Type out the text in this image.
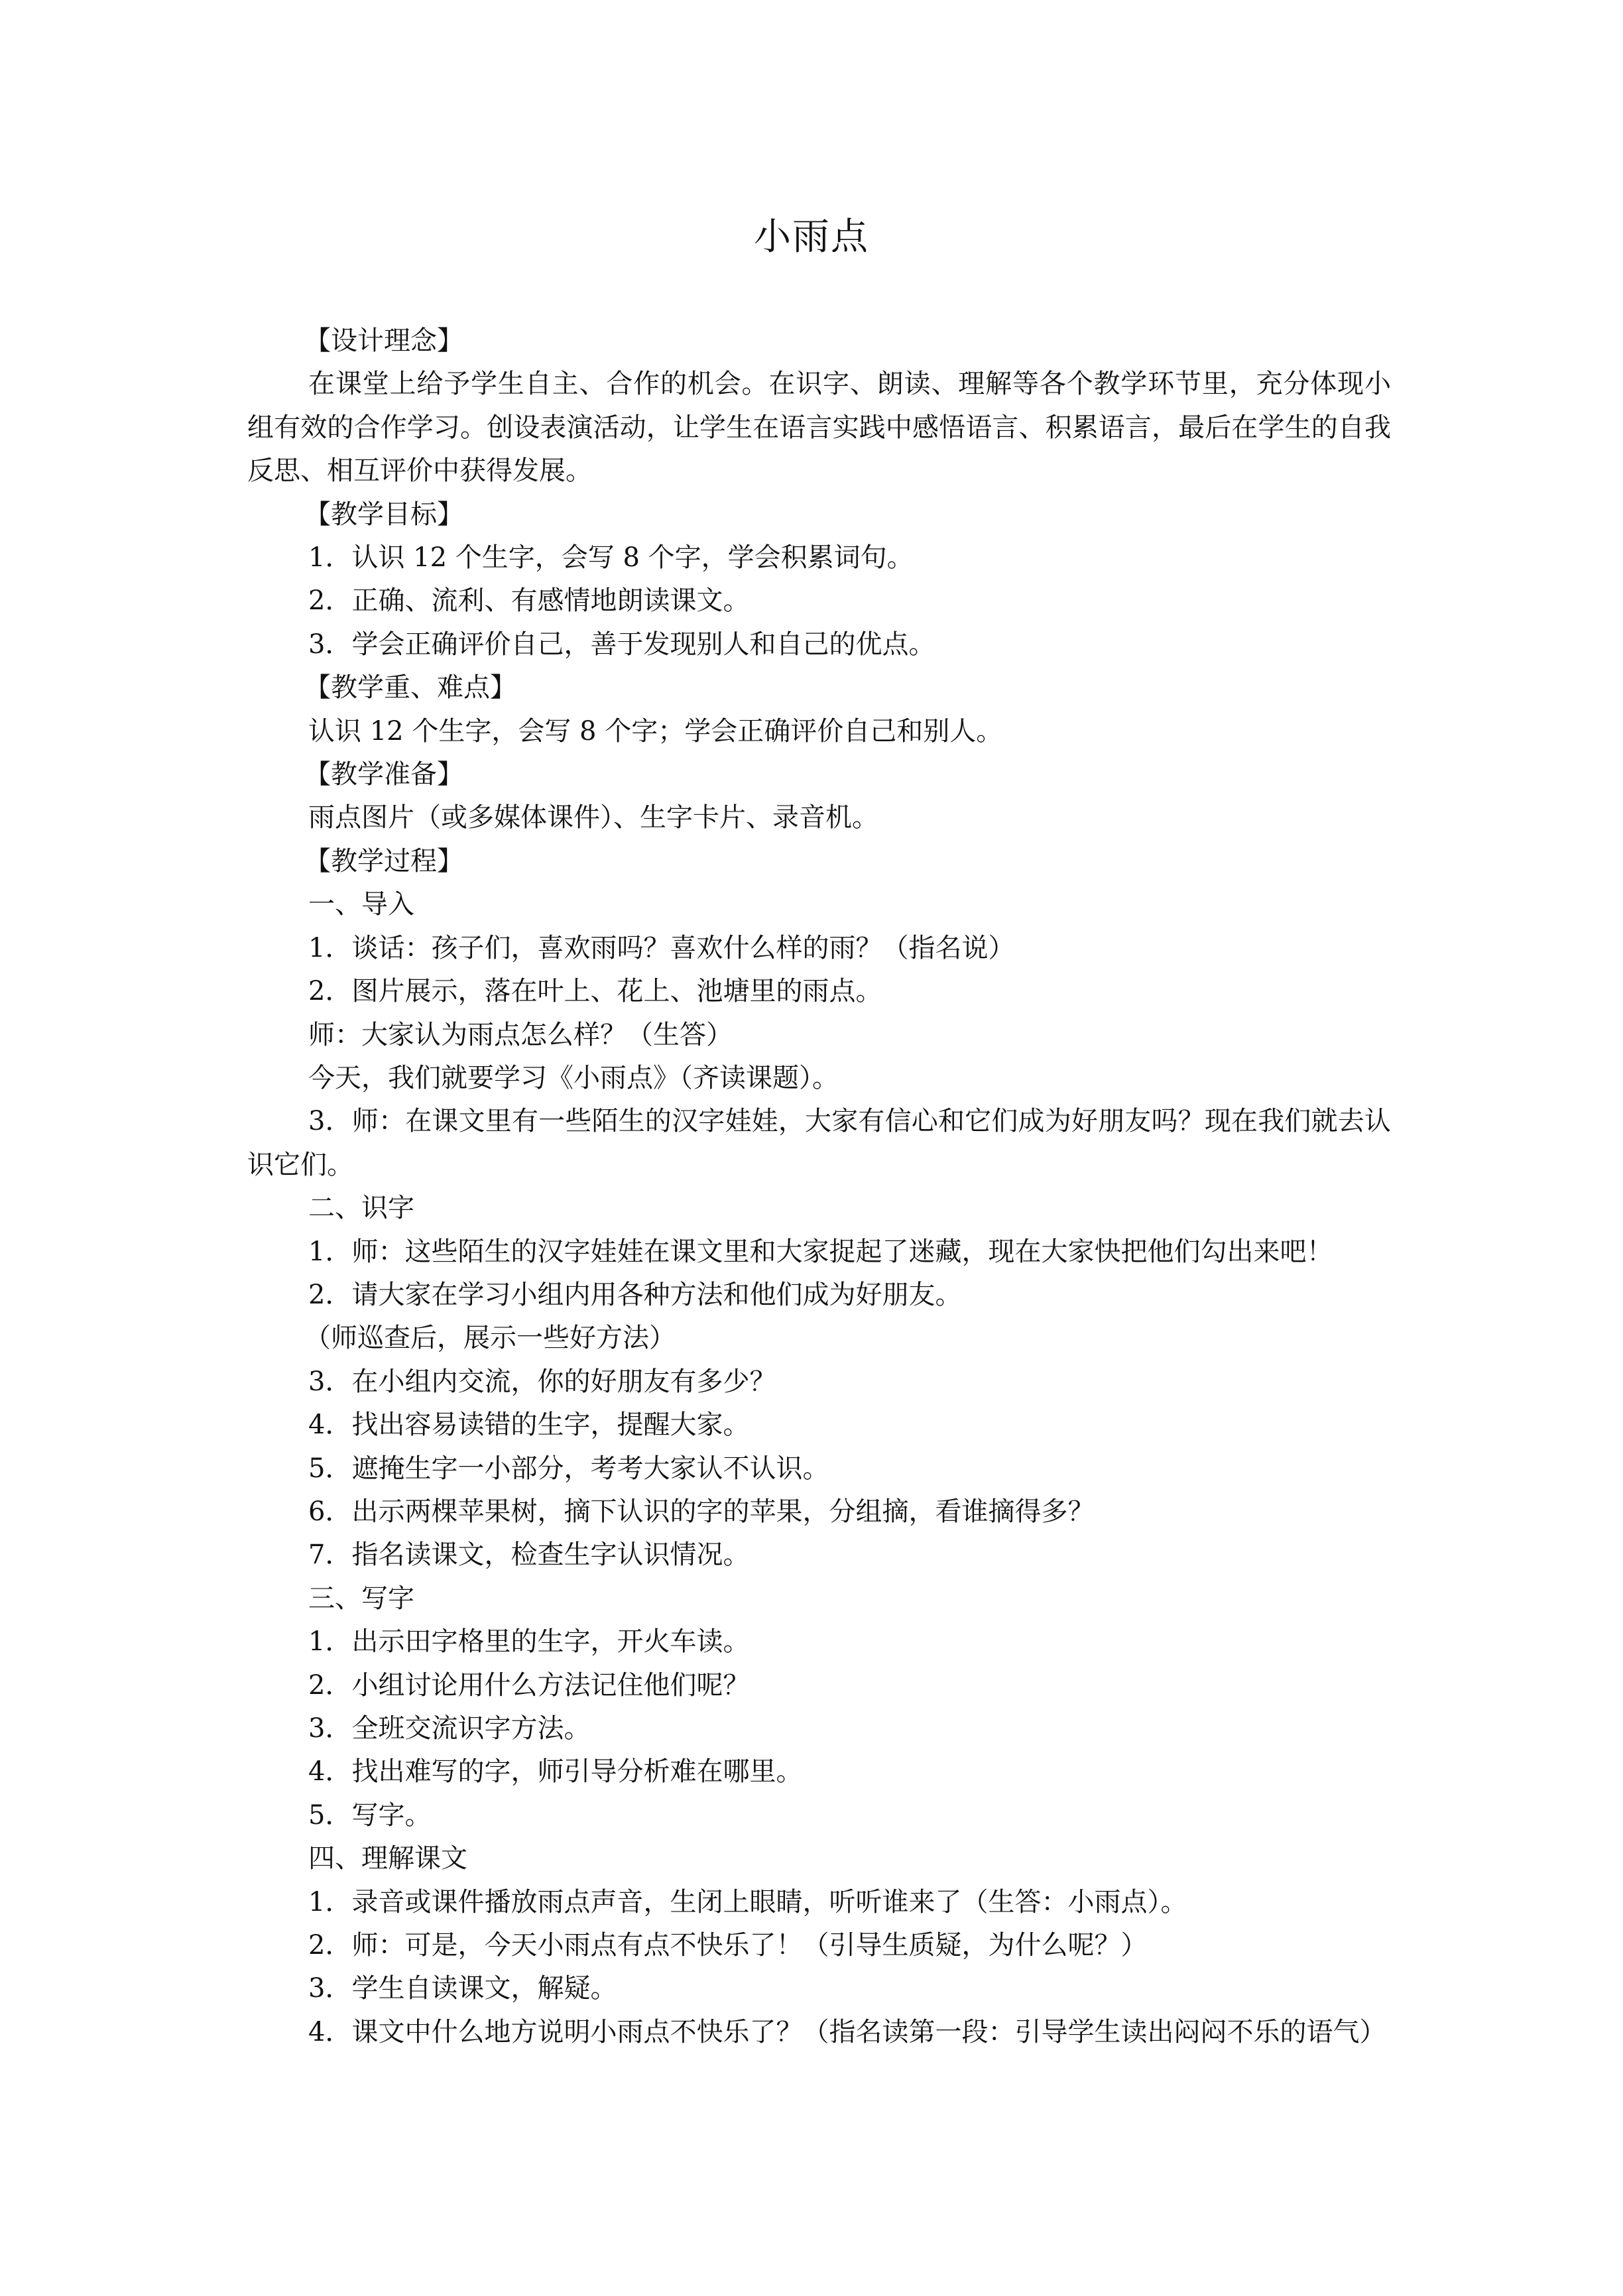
小雨点

【设计理念】

在课堂上给予学生自主、合作的机会。在识字、朗读、理解等各个教学环节里，充分体现小组有效的合作学习。创设表演活动，让学生在语言实践中感悟语言、积累语言，最后在学生的自我反思、相互评价中获得发展。

【教学目标】

1．认识 12 个生字，会写 8 个字，学会积累词句。

2．正确、流利、有感情地朗读课文。

3．学会正确评价自己，善于发现别人和自己的优点。

【教学重、难点】

认识 12 个生字，会写 8 个字；学会正确评价自己和别人。

【教学准备】

雨点图片（或多媒体课件）、生字卡片、录音机。

【教学过程】

一、导入

1．谈话：孩子们，喜欢雨吗？喜欢什么样的雨？（指名说）

2．图片展示，落在叶上、花上、池塘里的雨点。

师：大家认为雨点怎么样？（生答）

今天，我们就要学习《小雨点》（齐读课题）。

3．师：在课文里有一些陌生的汉字娃娃，大家有信心和它们成为好朋友吗？现在我们就去认识它们。

二、识字

1．师：这些陌生的汉字娃娃在课文里和大家捉起了迷藏，现在大家快把他们勾出来吧！

2．请大家在学习小组内用各种方法和他们成为好朋友。

（师巡查后，展示一些好方法）

3．在小组内交流，你的好朋友有多少？

4．找出容易读错的生字，提醒大家。

5．遮掩生字一小部分，考考大家认不认识。

6．出示两棵苹果树，摘下认识的字的苹果，分组摘，看谁摘得多？

7．指名读课文，检查生字认识情况。

三、写字

1．出示田字格里的生字，开火车读。

2．小组讨论用什么方法记住他们呢？

3．全班交流识字方法。

4．找出难写的字，师引导分析难在哪里。

5．写字。

四、理解课文

1．录音或课件播放雨点声音，生闭上眼睛，听听谁来了（生答：小雨点）。

2．师：可是，今天小雨点有点不快乐了！（引导生质疑，为什么呢？）

3．学生自读课文，解疑。

4．课文中什么地方说明小雨点不快乐了？（指名读第一段：引导学生读出闷闷不乐的语气）
